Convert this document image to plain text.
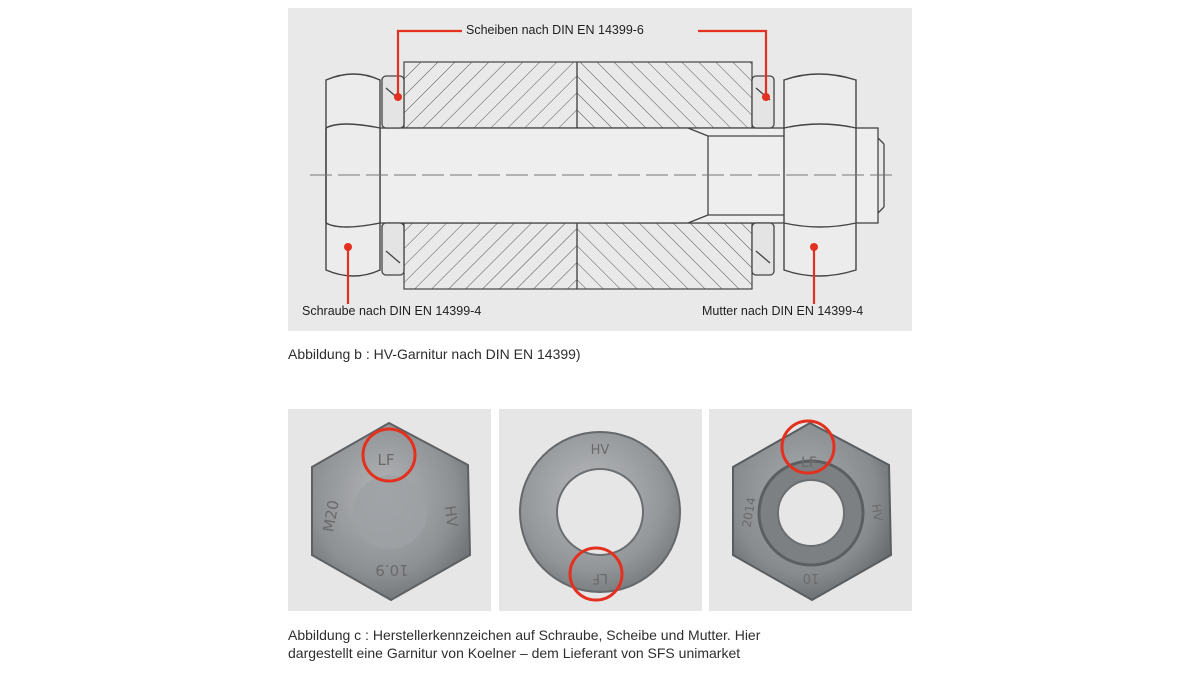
Scheiben nach DIN EN 14399-6
Schraube nach DIN EN 14399-4	Mutter nach DIN EN 14399-4
Abbildung b : HV-Garnitur nach DIN EN 14399)
LF
M20	HV
10.9
HV
LF
LF
2014	HV
10
Abbildung c : Herstellerkennzeichen auf Schraube, Scheibe und Mutter. Hier
dargestellt eine Garnitur von Koelner – dem Lieferant von SFS unimarket
